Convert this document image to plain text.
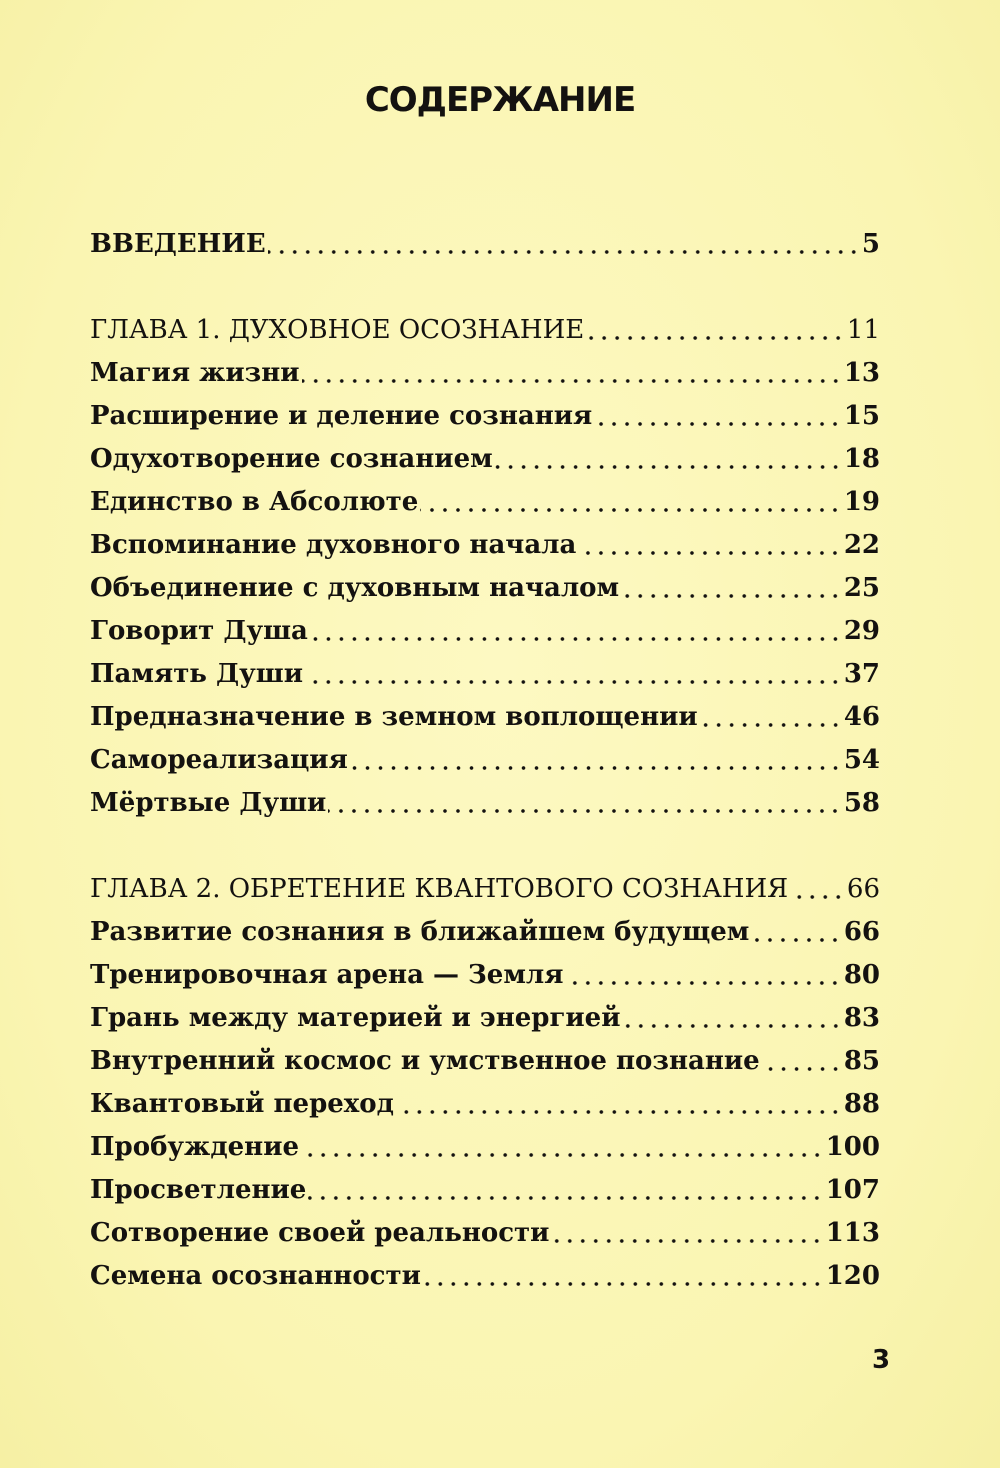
СОДЕРЖАНИЕ
ВВЕДЕНИЕ	5
ГЛАВА 1. ДУХОВНОЕ ОСОЗНАНИЕ	11
Магия жизни	13
Расширение и деление сознания	15
Одухотворение сознанием	18
Единство в Абсолюте	19
Вспоминание духовного начала	22
Объединение с духовным началом	25
Говорит Душа	29
Память Души	37
Предназначение в земном воплощении	46
Самореализация	54
Мёртвые Души	58
ГЛАВА 2. ОБРЕТЕНИЕ КВАНТОВОГО СОЗНАНИЯ 66
Развитие сознания в ближайшем будущем	66
Тренировочная арена — Земля	80
Грань между материей и энергией	83
Внутренний космос и умственное познание	85
Квантовый переход	88
Пробуждение	100
Просветление	107
Сотворение своей реальности	113
Семена осознанности	120
3
